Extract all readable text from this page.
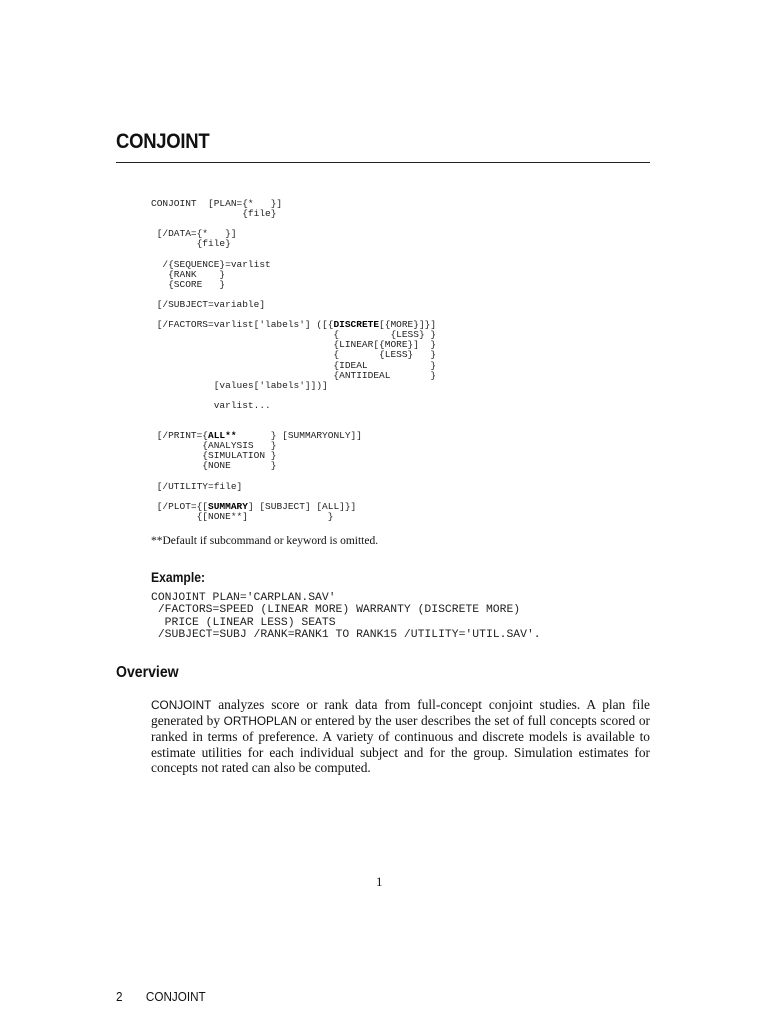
CONJOINT
CONJOINT  [PLAN={*   }]
{file}
[/DATA={*   }]
{file}
/{SEQUENCE}=varlist
{RANK    }
{SCORE   }
[/SUBJECT=variable]
[/FACTORS=varlist['labels'] ([{DISCRETE[{MORE}]}]
{         {LESS} }
{LINEAR[{MORE}]  }
{       {LESS}   }
{IDEAL           }
{ANTIIDEAL       }
[values['labels']])]
varlist...
[/PRINT={ALL**      } [SUMMARYONLY]]
{ANALYSIS   }
{SIMULATION }
{NONE       }
[/UTILITY=file]
[/PLOT={[SUMMARY] [SUBJECT] [ALL]}]
{[NONE**]              }
**Default if subcommand or keyword is omitted.
Example:
CONJOINT PLAN='CARPLAN.SAV'
/FACTORS=SPEED (LINEAR MORE) WARRANTY (DISCRETE MORE)
PRICE (LINEAR LESS) SEATS
/SUBJECT=SUBJ /RANK=RANK1 TO RANK15 /UTILITY='UTIL.SAV'.
Overview

CONJOINT analyzes score or rank data from full-concept conjoint studies. A plan file generated by ORTHOPLAN or entered by the user describes the set of full concepts scored or ranked in terms of preference. A variety of continuous and discrete models is available to estimate utilities for each individual subject and for the group. Simulation estimates for concepts not rated can also be computed.

1
2 CONJOINT
